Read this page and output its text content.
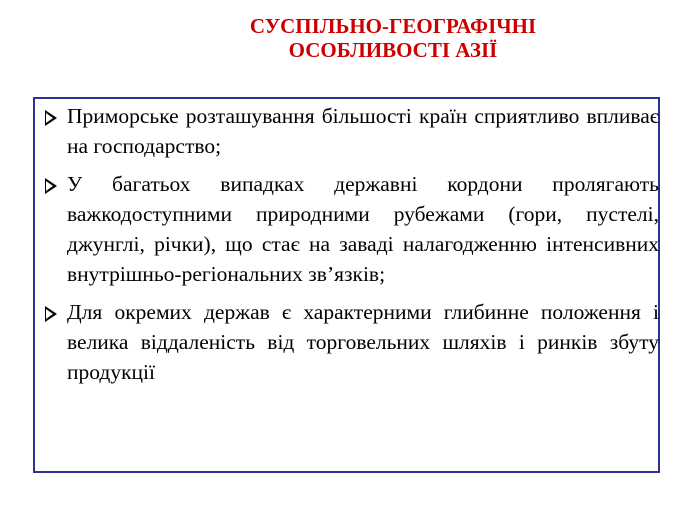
СУСПІЛЬНО-ГЕОГРАФІЧНІ
ОСОБЛИВОСТІ АЗІЇ
Приморське розташування більшості країн сприятливо впливає на господарство;
У багатьох випадках державні кордони пролягають важкодоступними природними рубежами (гори, пустелі, джунглі, річки), що стає на заваді налагодженню інтенсивних внутрішньо-регіональних зв’язків;
Для окремих держав є характерними глибинне положення і велика віддаленість від торговельних шляхів і ринків збуту продукції
